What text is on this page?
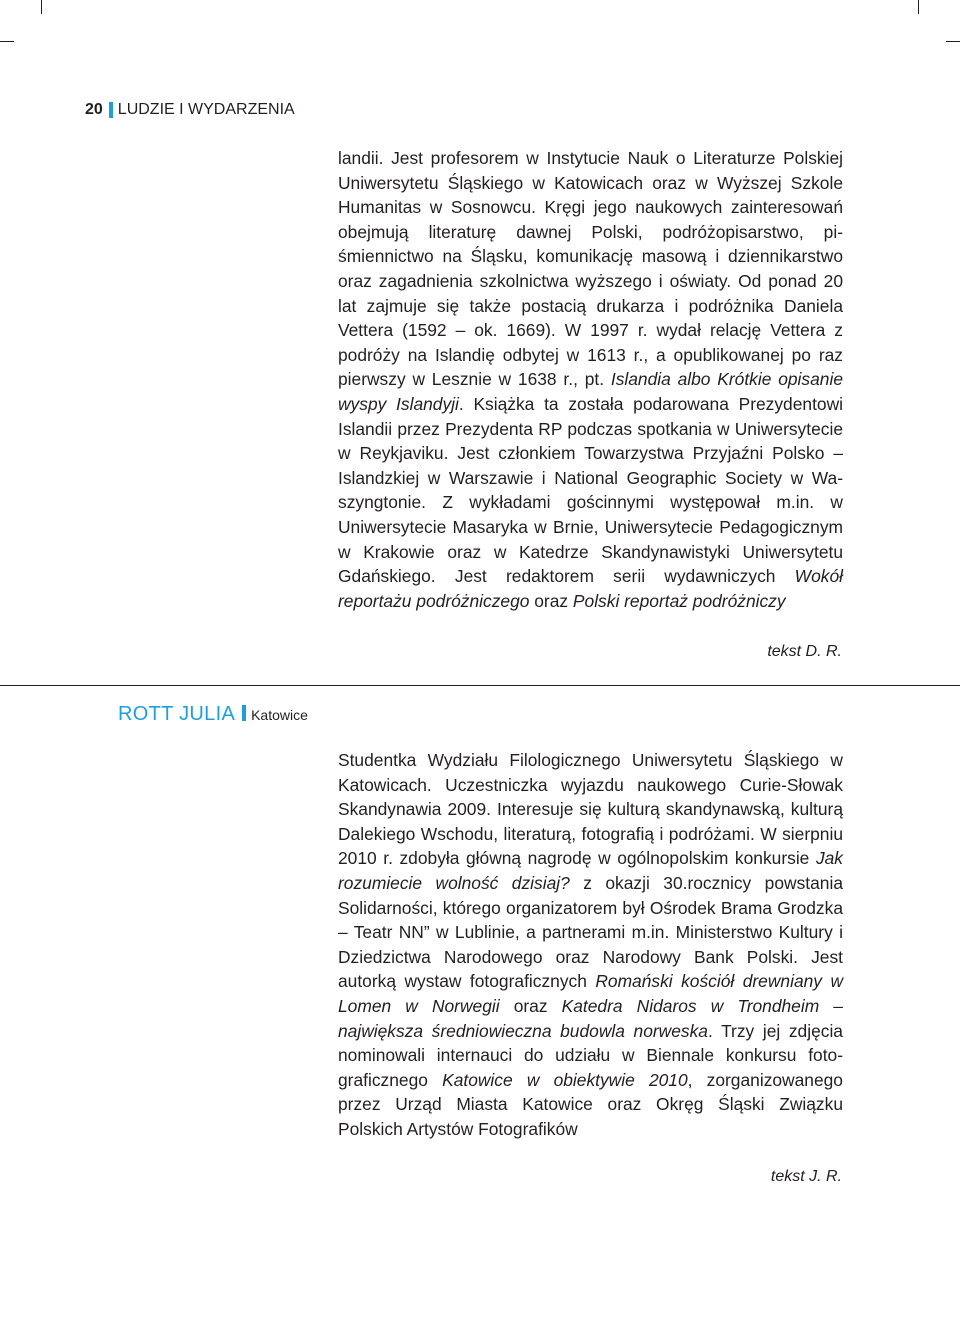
20 LUDZIE I WYDARZENIA

landii. Jest profesorem w Instytucie Nauk o Literaturze Polskiej Uniwersytetu Śląskiego w Katowicach oraz w Wyższej Szkole Humanitas w Sosnowcu. Kręgi jego naukowych zainteresowań obejmują literaturę dawnej Polski, podróżopisarstwo, piśmiennictwo na Śląsku, komunikację masową i dziennikarstwo oraz zagadnienia szkolnictwa wyższego i oświaty. Od ponad 20 lat zajmuje się także postacią drukarza i podróżnika Daniela Vettera (1592 – ok. 1669). W 1997 r. wydał relację Vettera z podróży na Islandię odbytej w 1613 r., a opublikowanej po raz pierwszy w Lesznie w 1638 r., pt. Islandia albo Krótkie opisanie wyspy Islandyji. Książka ta została podarowana Prezydentowi Islandii przez Prezydenta RP podczas spotkania w Uniwersytecie w Reykjaviku. Jest członkiem Towarzystwa Przyjaźni Polsko – Islandzkiej w Warszawie i National Geographic Society w Waszyngtonie. Z wykładami gościnnymi występował m.in. w Uniwersytecie Masaryka w Brnie, Uniwersytecie Pedagogicznym w Krakowie oraz w Katedrze Skandynawistyki Uniwersytetu Gdańskiego. Jest redaktorem serii wydawniczych Wokół reportażu podróżniczego oraz Polski reportaż podróżniczy

tekst D. R.
ROTT JULIA Katowice

Studentka Wydziału Filologicznego Uniwersytetu Śląskiego w Katowicach. Uczestniczka wyjazdu naukowego Curie-Słowak Skandynawia 2009. Interesuje się kulturą skandynawską, kulturą Dalekiego Wschodu, literaturą, fotografią i podróżami. W sierpniu 2010 r. zdobyła główną nagrodę w ogólnopolskim konkursie Jak rozumiecie wolność dzisiaj? z okazji 30.rocznicy powstania Solidarności, którego organizatorem był Ośrodek Brama Grodzka – Teatr NN” w Lublinie, a partnerami m.in. Ministerstwo Kultury i Dziedzictwa Narodowego oraz Narodowy Bank Polski. Jest autorką wystaw fotograficznych Romański kościół drewniany w Lomen w Norwegii oraz Katedra Nidaros w Trondheim – największa średniowieczna budowla norweska. Trzy jej zdjęcia nominowali internauci do udziału w Biennale konkursu fotograficznego Katowice w obiektywie 2010, zorganizowanego przez Urząd Miasta Katowice oraz Okręg Śląski Związku Polskich Artystów Fotografików

tekst J. R.
